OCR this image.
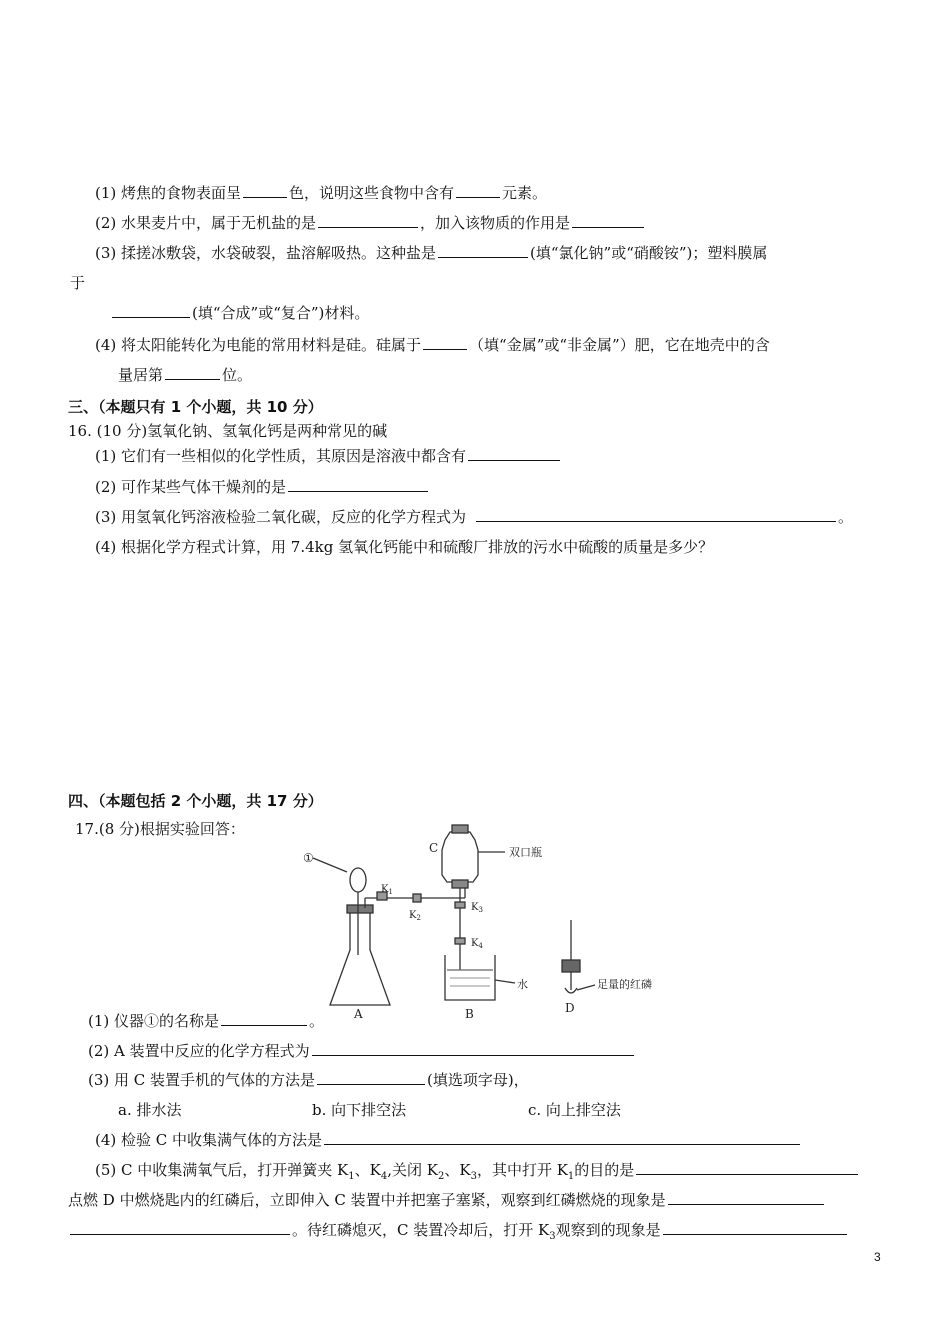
(1) 烤焦的食物表面呈	色，说明这些食物中含有	元素。
(2) 水果麦片中，属于无机盐的是	，加入该物质的作用是
(3) 揉搓冰敷袋，水袋破裂，盐溶解吸热。这种盐是	(填“氯化钠”或“硝酸铵”)；塑料膜属
于
(填“合成”或“复合”)材料。
(4) 将太阳能转化为电能的常用材料是硅。硅属于	（填“金属”或“非金属”）肥，它在地壳中的含
量居第	位。
三、（本题只有 1 个小题，共 10 分）
16. (10 分)氢氧化钠、氢氧化钙是两种常见的碱
(1) 它们有一些相似的化学性质，其原因是溶液中都含有
(2) 可作某些气体干燥剂的是
(3) 用氢氧化钙溶液检验二氧化碳，反应的化学方程式为	。
(4) 根据化学方程式计算，用 7.4kg 氢氧化钙能中和硫酸厂排放的污水中硫酸的质量是多少？
四、（本题包括 2 个小题，共 17 分）
17.(8 分)根据实验回答：
①
$K_1$
$K_2$
$K_3$
$K_4$
C	双口瓶
水	足量的红磷
A	B	D
(1) 仪器①的名称是	。
(2) A 装置中反应的化学方程式为
(3) 用 C 装置手机的气体的方法是	(填选项字母)，
a. 排水法	b. 向下排空法	c. 向上排空法
(4) 检验 C 中收集满气体的方法是
(5) C 中收集满氧气后，打开弹簧夹 $K_1$、$K_4$,关闭 $K_2$、$K_3$，其中打开 $K_1$的目的是
点燃 D 中燃烧匙内的红磷后，立即伸入 C 装置中并把塞子塞紧，观察到红磷燃烧的现象是
。待红磷熄灭，C 装置冷却后，打开 $K_3$观察到的现象是
3
